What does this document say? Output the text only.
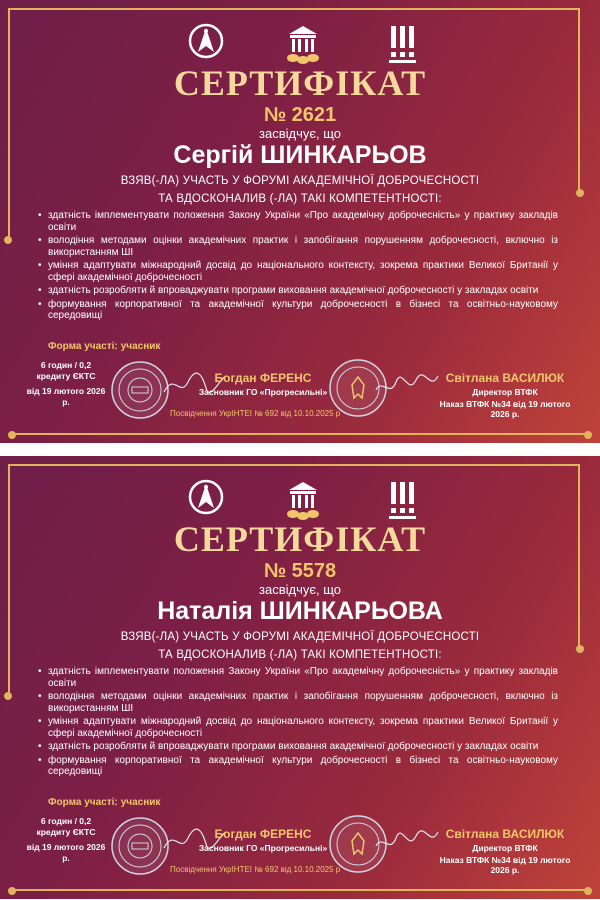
СЕРТИФІКАТ
№ 2621
засвідчує, що
Сергій ШИНКАРЬОВ
ВЗЯВ(-ЛА) УЧАСТЬ У ФОРУМІ АКАДЕМІЧНОЇ ДОБРОЧЕСНОСТІ
ТА ВДОСКОНАЛИВ (-ЛА) ТАКІ КОМПЕТЕНТНОСТІ:
• здатність імплементувати положення Закону України «Про академічну доброчесність» у практику закладів освіти
• володіння методами оцінки академічних практик і запобігання порушенням доброчесності, включно із використанням ШІ
• уміння адаптувати міжнародний досвід до національного контексту, зокрема практики Великої Британії у сфері академічної доброчесності
• здатність розробляти й впроваджувати програми виховання академічної доброчесності у закладах освіти
• формування корпоративної та академічної культури доброчесності в бізнесі та освітньо-науковому середовищі
Форма участі: учасник
6 годин / 0,2
кредиту ЄКТС
від 19 лютого 2026 р.
Богдан ФЕРЕНС
Засновник ГО «Прогресильні»
Світлана ВАСИЛЮК
Директор ВТФК
Наказ ВТФК №34 від 19 лютого 2026 р.
Посвідчення УкрІНТЕІ № 692 від 10.10.2025 р
СЕРТИФІКАТ
№ 5578
засвідчує, що
Наталія ШИНКАРЬОВА
ВЗЯВ(-ЛА) УЧАСТЬ У ФОРУМІ АКАДЕМІЧНОЇ ДОБРОЧЕСНОСТІ
ТА ВДОСКОНАЛИВ (-ЛА) ТАКІ КОМПЕТЕНТНОСТІ:
• здатність імплементувати положення Закону України «Про академічну доброчесність» у практику закладів освіти
• володіння методами оцінки академічних практик і запобігання порушенням доброчесності, включно із використанням ШІ
• уміння адаптувати міжнародний досвід до національного контексту, зокрема практики Великої Британії у сфері академічної доброчесності
• здатність розробляти й впроваджувати програми виховання академічної доброчесності у закладах освіти
• формування корпоративної та академічної культури доброчесності в бізнесі та освітньо-науковому середовищі
Форма участі: учасник
6 годин / 0,2
кредиту ЄКТС
від 19 лютого 2026 р.
Богдан ФЕРЕНС
Засновник ГО «Прогресильні»
Світлана ВАСИЛЮК
Директор ВТФК
Наказ ВТФК №34 від 19 лютого 2026 р.
Посвідчення УкрІНТЕІ № 692 від 10.10.2025 р
